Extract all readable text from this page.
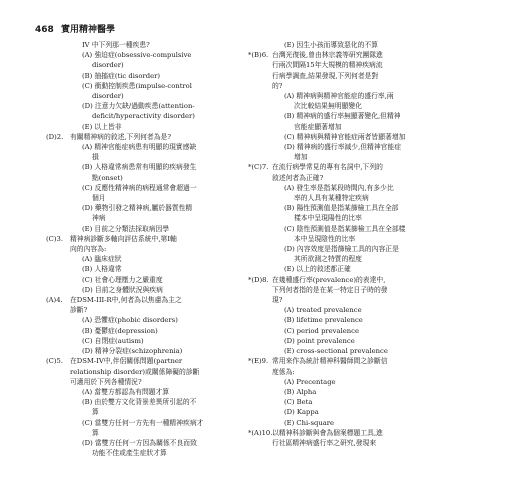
468 實用精神醫學
IV 中下列那一種疾患?
(A) 強迫症(obsessive-compulsive
disorder)
(B) 抽搐症(tic disorder)
(C) 衝動控制疾患(impulse-control
disorder)
(D) 注意力欠缺/過動疾患(attention-
deficit/hyperactivity disorder)
(E) 以上皆非
(D)2. 有關精神病的敘述,下列何者為是?
(A) 精神官能症病患有明顯的現實感缺
損
(B) 人格違常病患常有明顯的疾病發生
點(onset)
(C) 反應性精神病的病程通常會超過一
個月
(D) 藥物引發之精神病,屬於器質性精
神病
(E) 目前之分類法採取病因學
(C)3. 精神病診斷多軸向評估系統中,第Ⅰ軸
向的內容為:
(A) 臨床症狀
(B) 人格違常
(C) 社會心理壓力之嚴重度
(D) 目前之身體狀況與疾病
(A)4. 在DSM-III-R中,何者為以焦慮為主之
診斷?
(A) 恐懼症(phobic disorders)
(B) 憂鬱症(depression)
(C) 自閉症(autism)
(D) 精神分裂症(schizophrenia)
(C)5. 在DSM-IV中,伴侶關係問題(partner
relationship disorder)或關係障礙的診斷
可適用於下列各種情況?
(A) 當雙方都認為有問題才算
(B) 由於雙方文化背景差異所引起的不
算
(C) 當雙方任何一方先有一種精神疾病才
算
(D) 當雙方任何一方因為關係不良而致
功能不佳或產生症狀才算
(E) 因生小孩而導致惡化的不算
*(B)6. 台灣光復後,曾由林宗義等研究團隊進
行兩次間隔15年大規模的精神疾病流
行病學調查,結果發現,下列何者是對
的?
(A) 精神病與精神官能症的盛行率,兩
次比較結果無明顯變化
(B) 精神病的盛行率無顯著變化,但精神
官能症顯著增加
(C) 精神病與精神官能症兩者皆顯著增加
(D) 精神病的盛行率減少,但精神官能症
增加
*(C)7. 在流行病學常見的專有名詞中,下列的
敘述何者為正確?
(A) 發生率是指某段時間內,有多少比
率的人具有某種特定疾病
(B) 陽性預測值是指某篩檢工具在全部
樣本中呈現陽性的比率
(C) 陰性預測值是指某篩檢工具在全部樣
本中呈現陰性的比率
(D) 內容效度是指篩檢工具的內容正是
其所欲測之特質的程度
(E) 以上的敘述都正確
*(D)8. 在幾種盛行率(prevalence)的表達中,
下列何者指的是在某一特定日子時的發
現?
(A) treated prevalence
(B) lifetime prevalence
(C) period prevalence
(D) point prevalence
(E) cross-sectional prevalence
*(E)9. 常用來作為統計精神科醫師間之診斷信
度係為:
(A) Precentage
(B) Alpha
(C) Beta
(D) Kappa
(E) Chi-square
*(A)10.以精神科診斷與會為個案標題工具,進
行社區精神病盛行率之研究,發現來
